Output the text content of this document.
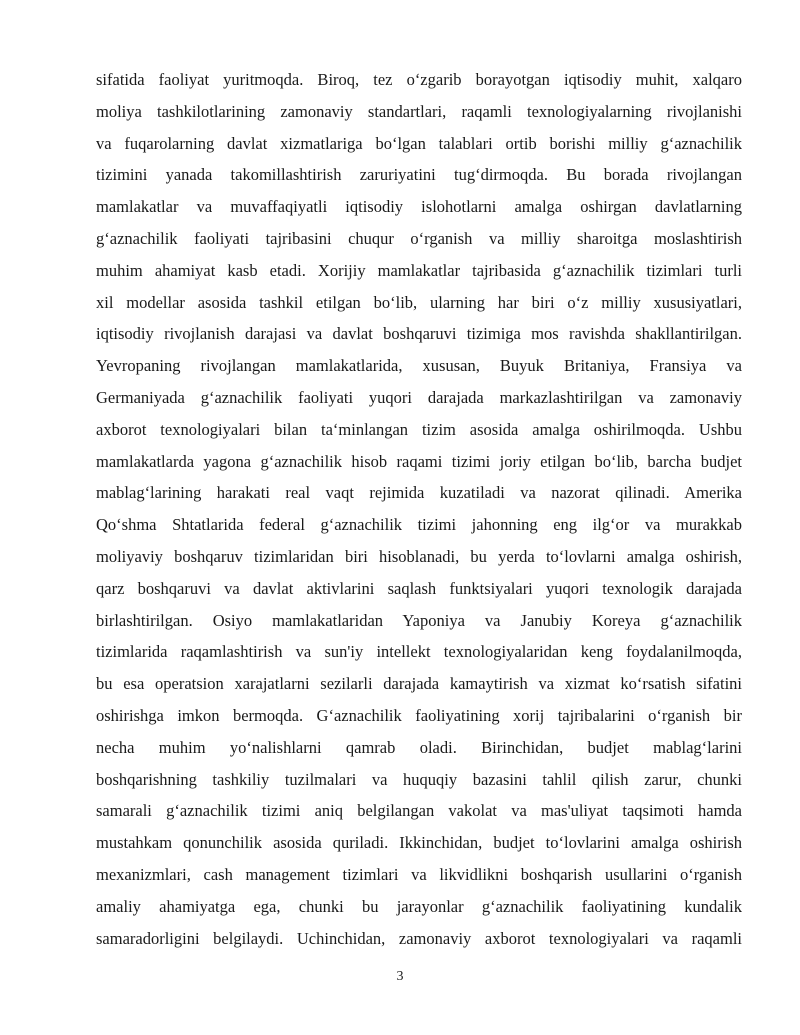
sifatida faoliyat yuritmoqda. Biroq, tez o‘zgarib borayotgan iqtisodiy muhit, xalqaro
moliya tashkilotlarining zamonaviy standartlari, raqamli texnologiyalarning rivojlanishi
va fuqarolarning davlat xizmatlariga bo‘lgan talablari ortib borishi milliy g‘aznachilik
tizimini yanada takomillashtirish zaruriyatini tug‘dirmoqda. Bu borada rivojlangan
mamlakatlar va muvaffaqiyatli iqtisodiy islohotlarni amalga oshirgan davlatlarning
g‘aznachilik faoliyati tajribasini chuqur o‘rganish va milliy sharoitga moslashtirish
muhim ahamiyat kasb etadi. Xorijiy mamlakatlar tajribasida g‘aznachilik tizimlari turli
xil modellar asosida tashkil etilgan bo‘lib, ularning har biri o‘z milliy xususiyatlari,
iqtisodiy rivojlanish darajasi va davlat boshqaruvi tizimiga mos ravishda shakllantirilgan.
Yevropaning rivojlangan mamlakatlarida, xususan, Buyuk Britaniya, Fransiya va
Germaniyada g‘aznachilik faoliyati yuqori darajada markazlashtirilgan va zamonaviy
axborot texnologiyalari bilan ta‘minlangan tizim asosida amalga oshirilmoqda. Ushbu
mamlakatlarda yagona g‘aznachilik hisob raqami tizimi joriy etilgan bo‘lib, barcha budjet
mablag‘larining harakati real vaqt rejimida kuzatiladi va nazorat qilinadi. Amerika
Qo‘shma Shtatlarida federal g‘aznachilik tizimi jahonning eng ilg‘or va murakkab
moliyaviy boshqaruv tizimlaridan biri hisoblanadi, bu yerda to‘lovlarni amalga oshirish,
qarz boshqaruvi va davlat aktivlarini saqlash funktsiyalari yuqori texnologik darajada
birlashtirilgan. Osiyo mamlakatlaridan Yaponiya va Janubiy Koreya g‘aznachilik
tizimlarida raqamlashtirish va sun'iy intellekt texnologiyalaridan keng foydalanilmoqda,
bu esa operatsion xarajatlarni sezilarli darajada kamaytirish va xizmat ko‘rsatish sifatini
oshirishga imkon bermoqda. G‘aznachilik faoliyatining xorij tajribalarini o‘rganish bir
necha muhim yo‘nalishlarni qamrab oladi. Birinchidan, budjet mablag‘larini
boshqarishning tashkiliy tuzilmalari va huquqiy bazasini tahlil qilish zarur, chunki
samarali g‘aznachilik tizimi aniq belgilangan vakolat va mas'uliyat taqsimoti hamda
mustahkam qonunchilik asosida quriladi. Ikkinchidan, budjet to‘lovlarini amalga oshirish
mexanizmlari, cash management tizimlari va likvidlikni boshqarish usullarini o‘rganish
amaliy ahamiyatga ega, chunki bu jarayonlar g‘aznachilik faoliyatining kundalik
samaradorligini belgilaydi. Uchinchidan, zamonaviy axborot texnologiyalari va raqamli
3
